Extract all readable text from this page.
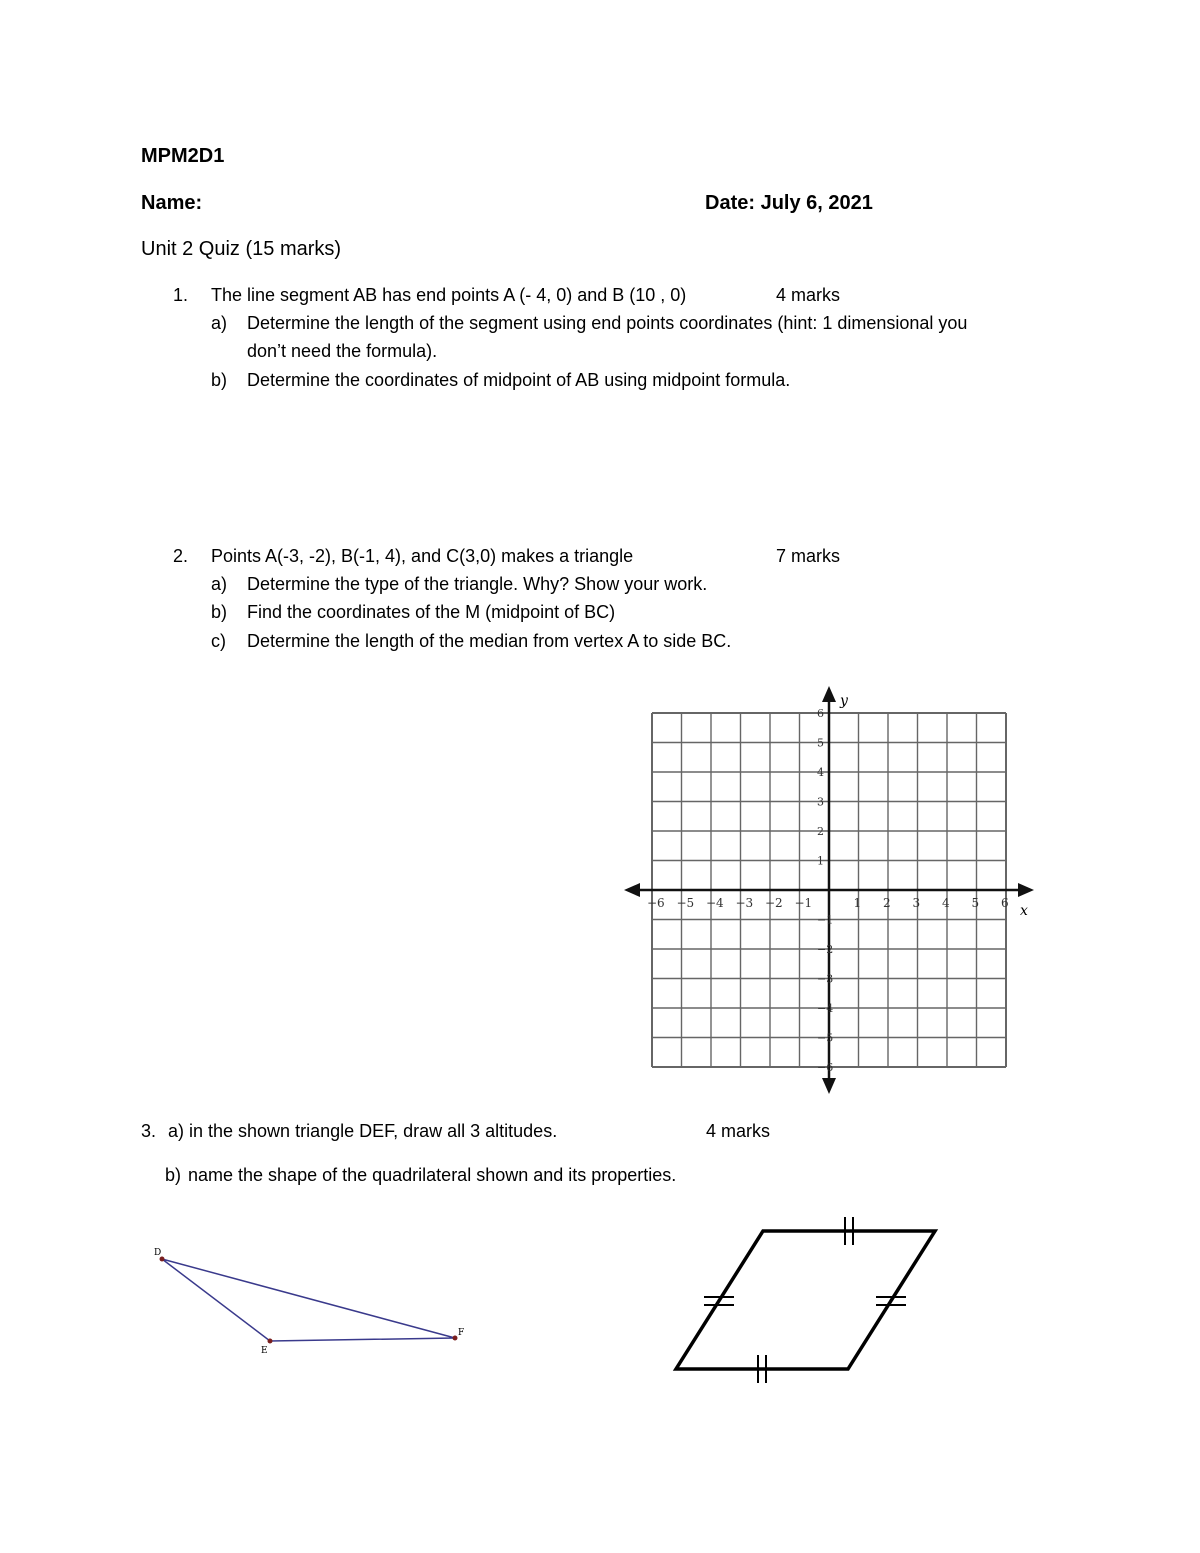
MPM2D1
Name:	Date: July 6, 2021
Unit 2 Quiz (15 marks)
1. The line segment AB has end points A (- 4, 0) and B (10 , 0)	4 marks
a) Determine the length of the segment using end points coordinates (hint: 1 dimensional you
don’t need the formula).
b) Determine the coordinates of midpoint of AB using midpoint formula.
2. Points A(-3, -2), B(-1, 4), and C(3,0) makes a triangle	7 marks
a) Determine the type of the triangle. Why? Show your work.
b) Find the coordinates of the M (midpoint of BC)
c) Determine the length of the median from vertex A to side BC.
x
y
−6 −5 −4 −3 −2 −1	1 2 3 4 5 6
6
5
4
3
2
1
−1
−2
−3
−4
−5
−6
3. a) in the shown triangle DEF, draw all 3 altitudes.	4 marks
b) name the shape of the quadrilateral shown and its properties.
D
E
F
